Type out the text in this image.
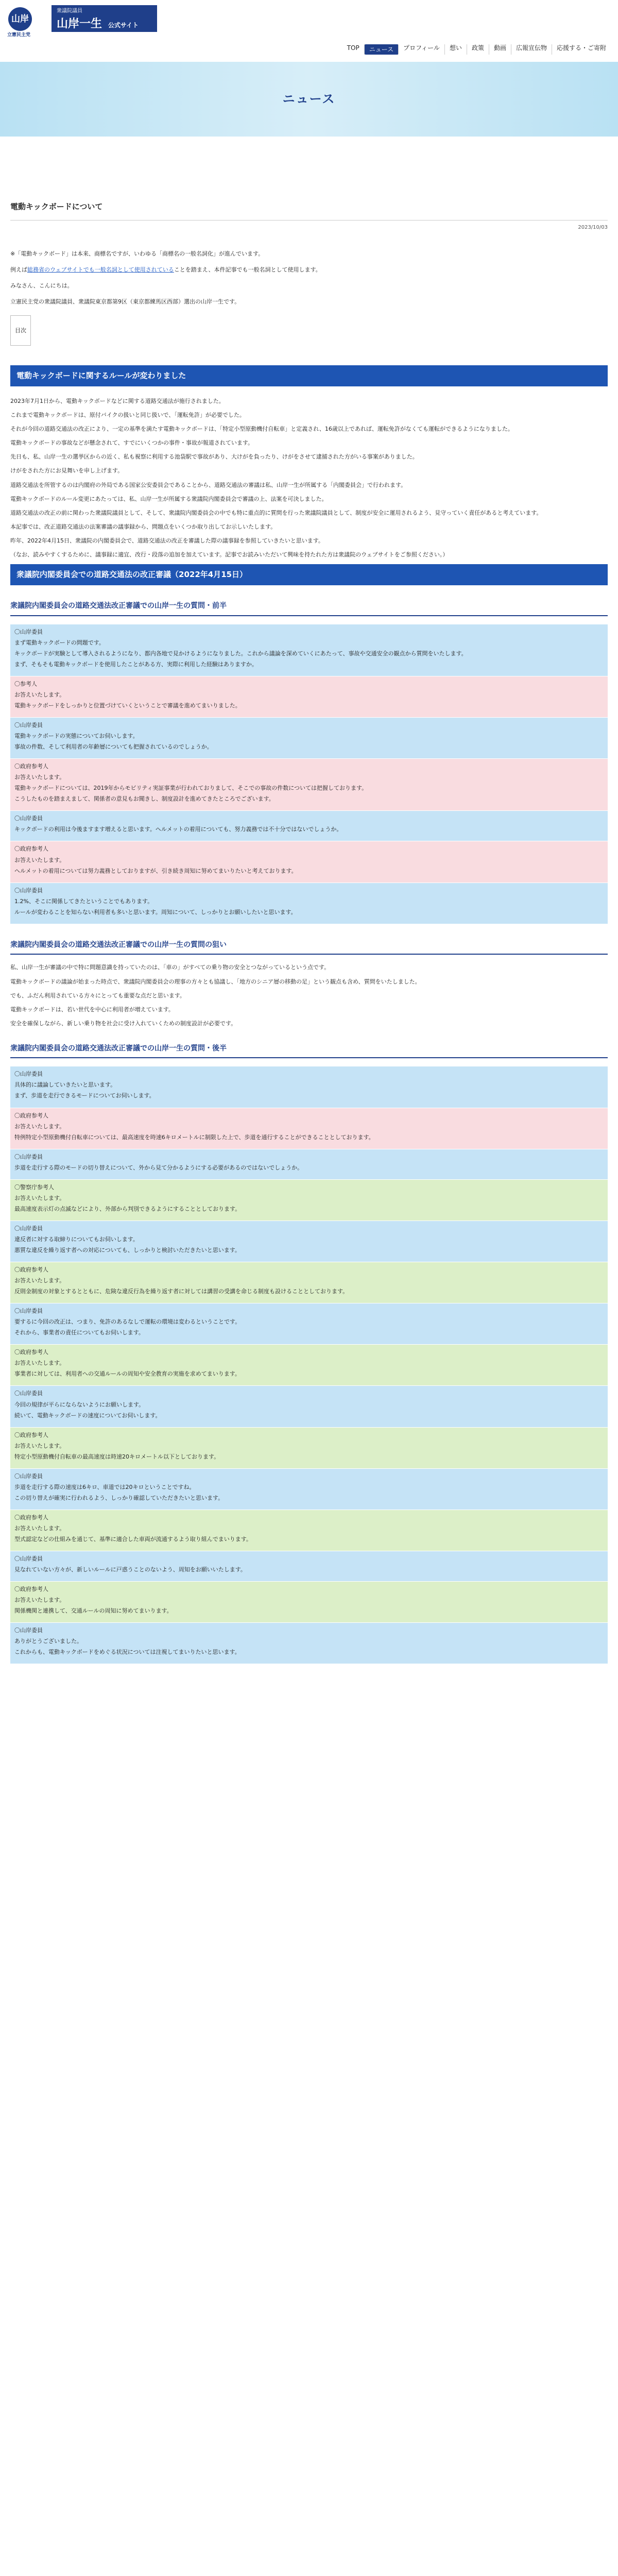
山岸
立憲民主党
衆議院議員
山岸一生 公式サイト
TOP	ニュース	プロフィール	想い	政策	動画	広報宣伝物	応援する・ご寄附
ニュース
電動キックボードについて
2023/10/03

※「電動キックボード」は本来、商標名ですが、いわゆる「商標名の一般名詞化」が進んでいます。

例えば総務省のウェブサイトでも一般名詞として使用されていることを踏まえ、本件記事でも一般名詞として使用します。

みなさん、こんにちは。

立憲民主党の衆議院議員、衆議院東京都第9区（東京都練馬区西部）選出の山岸一生です。

目次
電動キックボードに関するルールが変わりました

2023年7月1日から、電動キックボードなどに関する道路交通法が施行されました。

これまで電動キックボードは、原付バイクの扱いと同じ扱いで、「運転免許」が必要でした。

それが今回の道路交通法の改正により、一定の基準を満たす電動キックボードは、「特定小型原動機付自転車」と定義され、16歳以上であれば、運転免許がなくても運転ができるようになりました。

電動キックボードの事故などが懸念されて、すでにいくつかの事件・事故が報道されています。

先日も、私、山岸一生の選挙区からの近く、私も視察に利用する池袋駅で事故があり、大けがを負ったり、けがをさせて逮捕された方がいる事案がありました。

けがをされた方にお見舞いを申し上げます。

道路交通法を所管するのは内閣府の外局である国家公安委員会であることから、道路交通法の審議は私、山岸一生が所属する「内閣委員会」で行われます。

電動キックボードのルール変更にあたっては、私、山岸一生が所属する衆議院内閣委員会で審議の上、法案を可決しました。

道路交通法の改正の前に関わった衆議院議員として、そして、衆議院内閣委員会の中でも特に重点的に質問を行った衆議院議員として、制度が安全に運用されるよう、見守っていく責任があると考えています。

本記事では、改正道路交通法の法案審議の議事録から、問題点をいくつか取り出してお示しいたします。

昨年、2022年4月15日、衆議院の内閣委員会で、道路交通法の改正を審議した際の議事録を参照していきたいと思います。

（なお、読みやすくするために、議事録に適宜、改行・段落の追加を加えています。記事でお読みいただいて興味を持たれた方は衆議院のウェブサイトをご参照ください。）

衆議院内閣委員会での道路交通法の改正審議（2022年4月15日）
衆議院内閣委員会の道路交通法改正審議での山岸一生の質問・前半
〇山岸委員

まず電動キックボードの問題です。

キックボードが実験として導入されるようになり、都内各地で見かけるようになりました。これから議論を深めていくにあたって、事故や交通安全の観点から質問をいたします。

まず、そもそも電動キックボードを使用したことがある方、実際に利用した経験はありますか。

〇参考人

お答えいたします。

電動キックボードをしっかりと位置づけていくということで審議を進めてまいりました。

〇山岸委員

電動キックボードの実態についてお伺いします。

事故の件数、そして利用者の年齢層についても把握されているのでしょうか。

〇政府参考人

お答えいたします。

電動キックボードについては、2019年からモビリティ実証事業が行われておりまして、そこでの事故の件数については把握しております。

こうしたものを踏まえまして、関係者の意見もお聞きし、制度設計を進めてきたところでございます。

〇山岸委員

キックボードの利用は今後ますます増えると思います。ヘルメットの着用についても、努力義務では不十分ではないでしょうか。

〇政府参考人

お答えいたします。

ヘルメットの着用については努力義務としておりますが、引き続き周知に努めてまいりたいと考えております。

〇山岸委員

1.2%、そこに関係してきたということでもあります。

ルールが変わることを知らない利用者も多いと思います。周知について、しっかりとお願いしたいと思います。

衆議院内閣委員会の道路交通法改正審議での山岸一生の質問の狙い

私、山岸一生が審議の中で特に問題意識を持っていたのは、「車の」がすべての乗り物の安全とつながっているという点です。

電動キックボードの議論が始まった時点で、衆議院内閣委員会の理事の方々とも協議し、「地方のシニア層の移動の足」という観点も含め、質問をいたしました。

でも、ふだん利用されている方々にとっても重要な点だと思います。

電動キックボードは、若い世代を中心に利用者が増えています。

安全を確保しながら、新しい乗り物を社会に受け入れていくための制度設計が必要です。

衆議院内閣委員会の道路交通法改正審議での山岸一生の質問・後半
〇山岸委員

具体的に議論していきたいと思います。

まず、歩道を走行できるモードについてお伺いします。

〇政府参考人

お答えいたします。

特例特定小型原動機付自転車については、最高速度を時速6キロメートルに制限した上で、歩道を通行することができることとしております。

〇山岸委員

歩道を走行する際のモードの切り替えについて、外から見て分かるようにする必要があるのではないでしょうか。

〇警察庁参考人

お答えいたします。

最高速度表示灯の点滅などにより、外部から判別できるようにすることとしております。

〇山岸委員

違反者に対する取締りについてもお伺いします。

悪質な違反を繰り返す者への対応についても、しっかりと検討いただきたいと思います。

〇政府参考人

お答えいたします。

反則金制度の対象とするとともに、危険な違反行為を繰り返す者に対しては講習の受講を命じる制度も設けることとしております。

〇山岸委員

要するに今回の改正は、つまり、免許のあるなしで運転の環境は変わるということです。

それから、事業者の責任についてもお伺いします。

〇政府参考人

お答えいたします。

事業者に対しては、利用者への交通ルールの周知や安全教育の実施を求めてまいります。

〇山岸委員

今回の規律が平らにならないようにお願いします。

続いて、電動キックボードの速度についてお伺いします。

〇政府参考人

お答えいたします。

特定小型原動機付自転車の最高速度は時速20キロメートル以下としております。

〇山岸委員

歩道を走行する際の速度は6キロ、車道では20キロということですね。

この切り替えが確実に行われるよう、しっかり確認していただきたいと思います。

〇政府参考人

お答えいたします。

型式認定などの仕組みを通じて、基準に適合した車両が流通するよう取り組んでまいります。

〇山岸委員

見なれていない方々が、新しいルールに戸惑うことのないよう、周知をお願いいたします。

〇政府参考人

お答えいたします。

関係機関と連携して、交通ルールの周知に努めてまいります。

〇山岸委員

ありがとうございました。

これからも、電動キックボードをめぐる状況については注視してまいりたいと思います。
